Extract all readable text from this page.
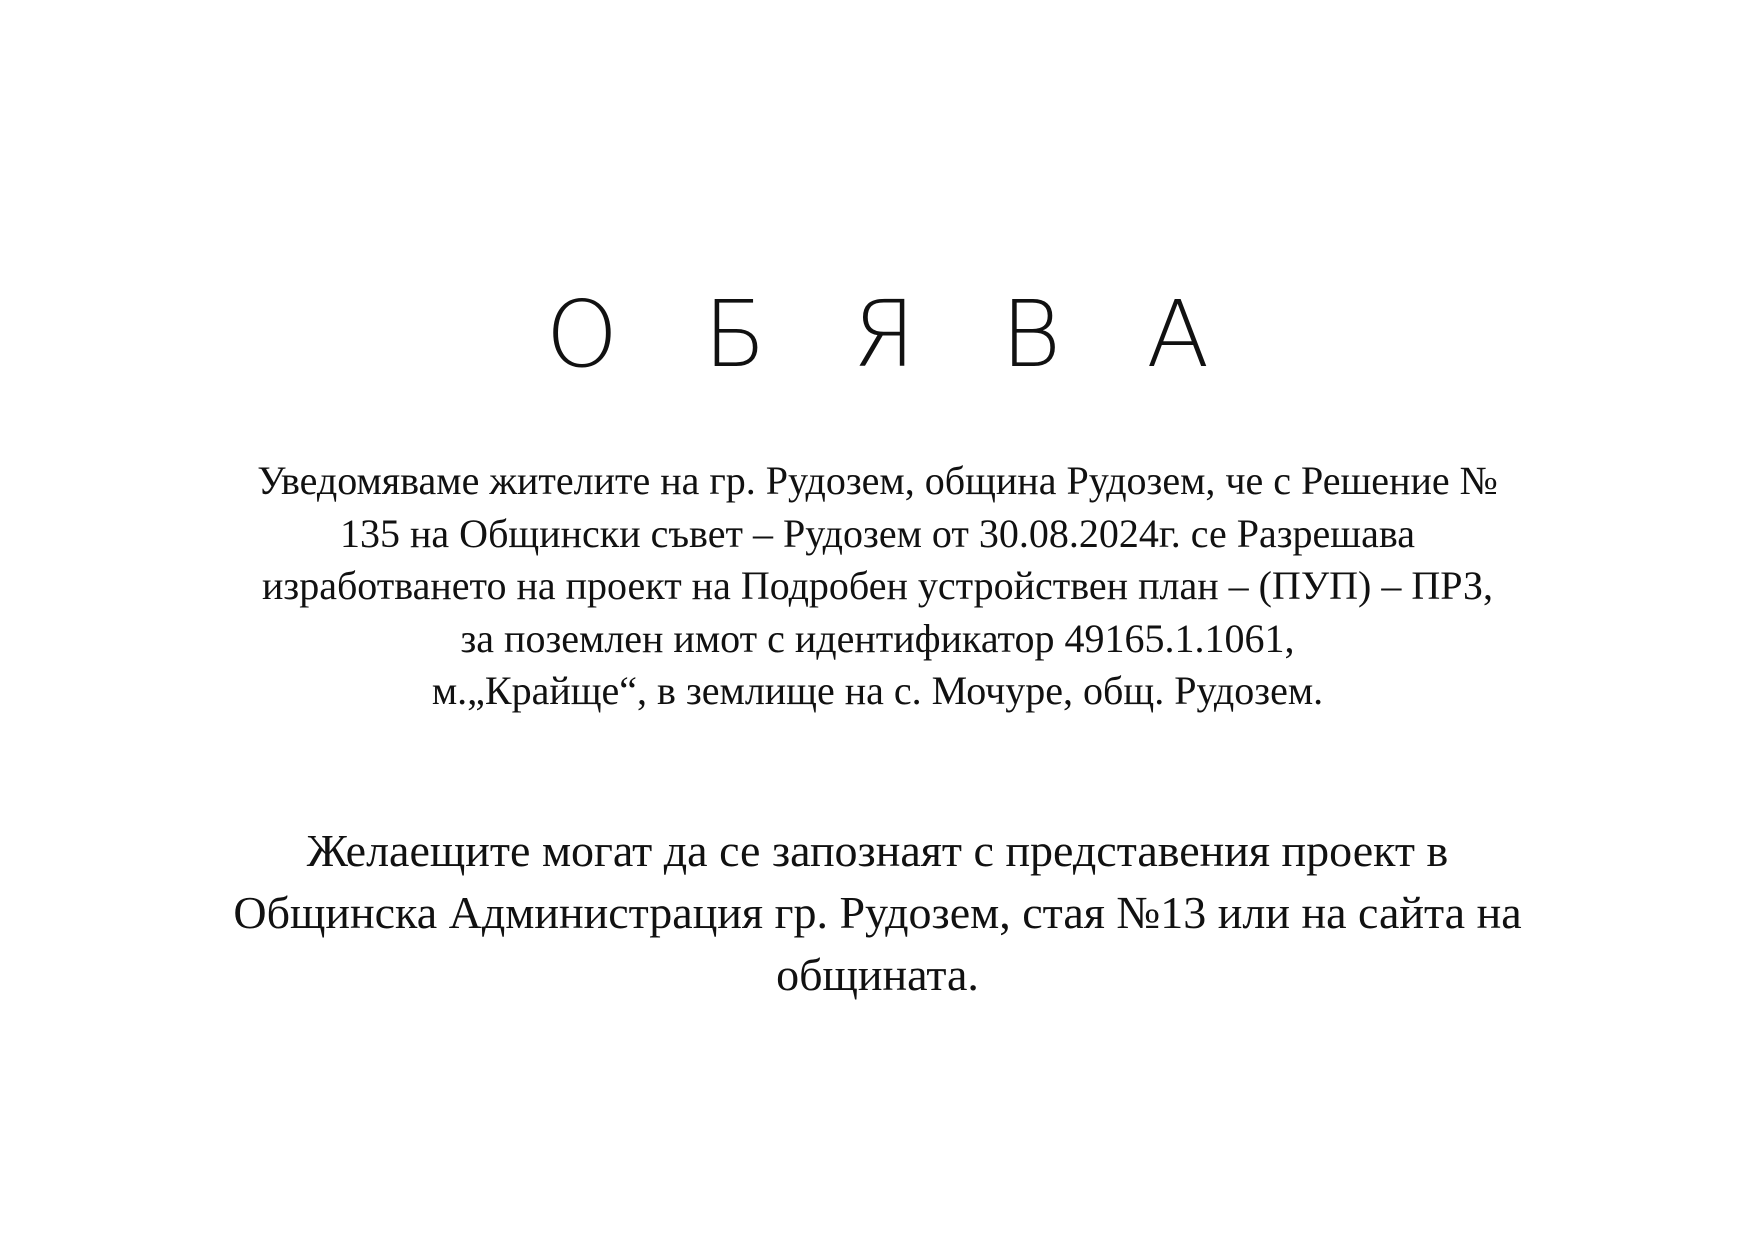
О Б Я В А
Уведомяваме жителите на гр. Рудозем, община Рудозем, че с Решение №
135 на Общински съвет – Рудозем от 30.08.2024г. се Разрешава
изработването на проект на Подробен устройствен план – (ПУП) – ПРЗ,
за поземлен имот с идентификатор 49165.1.1061,
м.„Крайще“, в землище на с. Мочуре, общ. Рудозем.
Желаещите могат да се запознаят с представения проект в
Общинска Администрация гр. Рудозем, стая №13 или на сайта на
общината.
